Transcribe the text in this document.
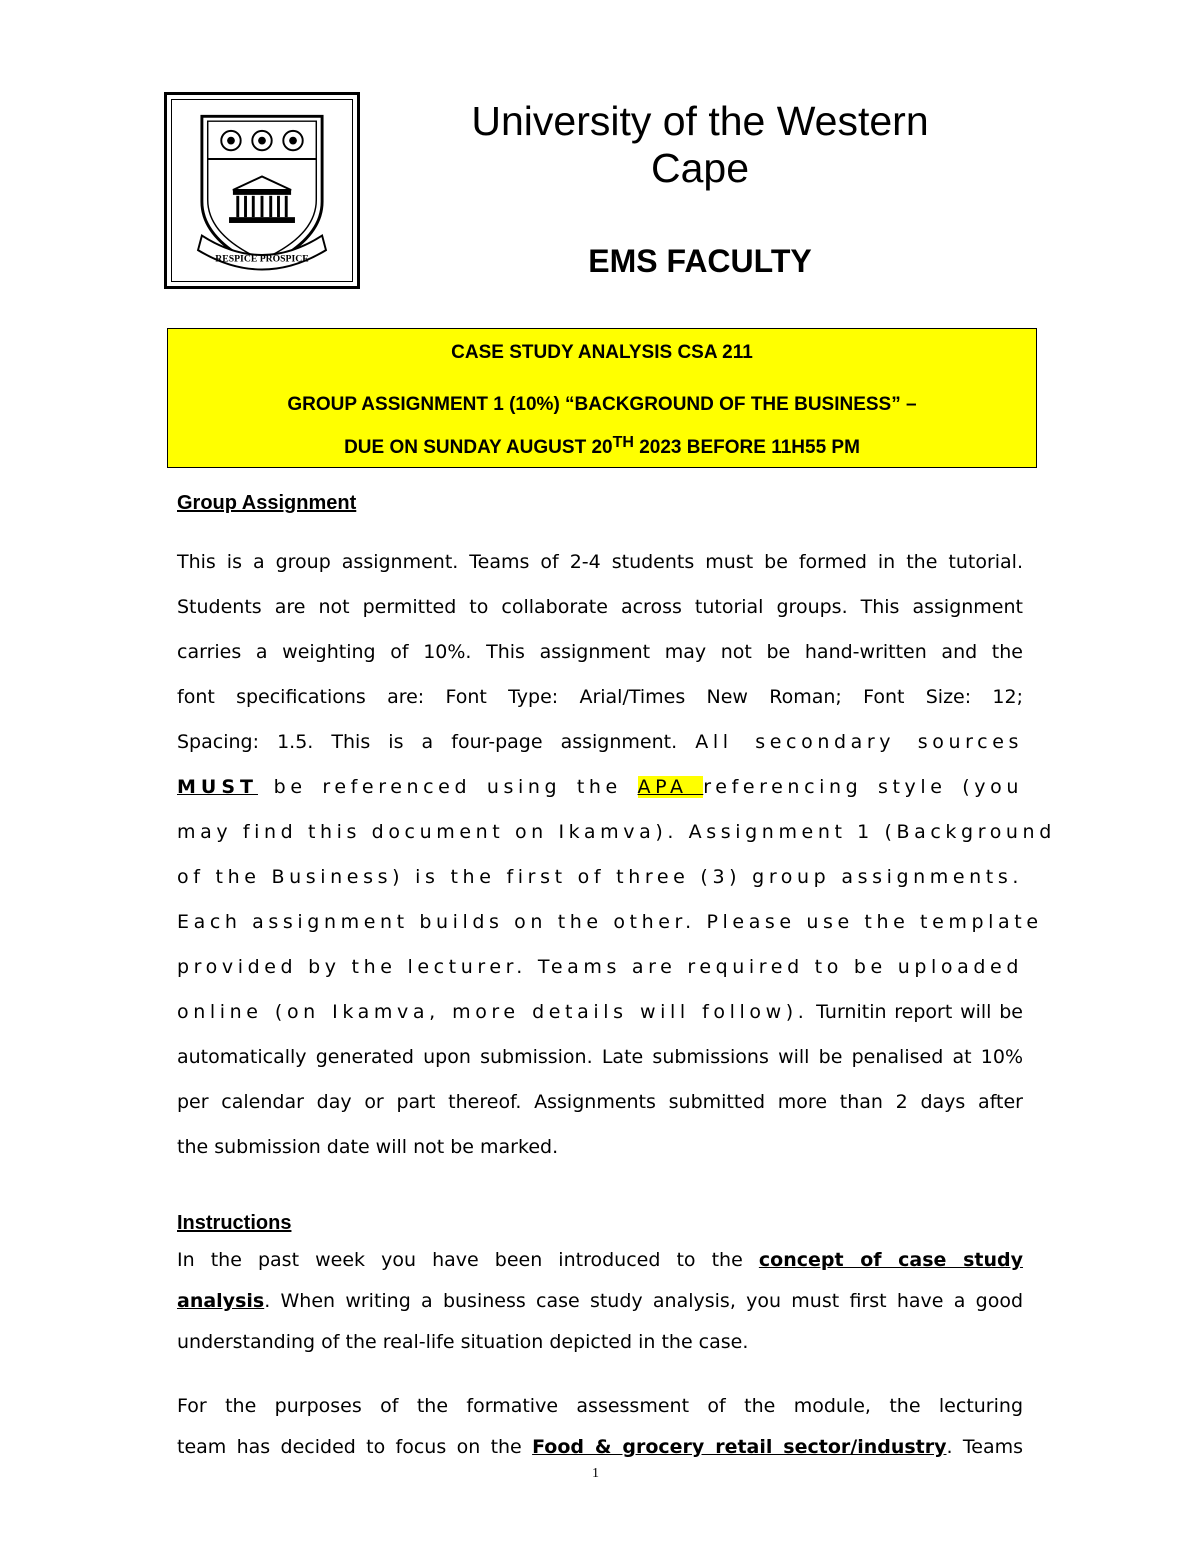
RESPICE PROSPICE
University of the Western
Cape
EMS FACULTY
CASE STUDY ANALYSIS CSA 211
GROUP ASSIGNMENT 1 (10%) “BACKGROUND OF THE BUSINESS” –
DUE ON SUNDAY AUGUST 20TH 2023 BEFORE 11H55 PM
Group Assignment
This is a group assignment. Teams of 2-4 students must be formed in the tutorial.
Students are not permitted to collaborate across tutorial groups. This assignment
carries a weighting of 10%. This assignment may not be hand-written and the
font specifications are: Font Type: Arial/Times New Roman; Font Size: 12;
Spacing: 1.5. This is a four-page assignment. All secondary sources
MUST be referenced using the APA referencing style (you
may find this document on Ikamva). Assignment 1 (Background
of the Business) is the first of three (3) group assignments.
Each assignment builds on the other. Please use the template
provided by the lecturer. Teams are required to be uploaded
online (on Ikamva, more details will follow). Turnitin report will be
automatically generated upon submission. Late submissions will be penalised at 10%
per calendar day or part thereof. Assignments submitted more than 2 days after
the submission date will not be marked.
Instructions
In the past week you have been introduced to the concept of case study
analysis. When writing a business case study analysis, you must first have a good
understanding of the real-life situation depicted in the case.
For the purposes of the formative assessment of the module, the lecturing
team has decided to focus on the Food & grocery retail sector/industry. Teams
1
